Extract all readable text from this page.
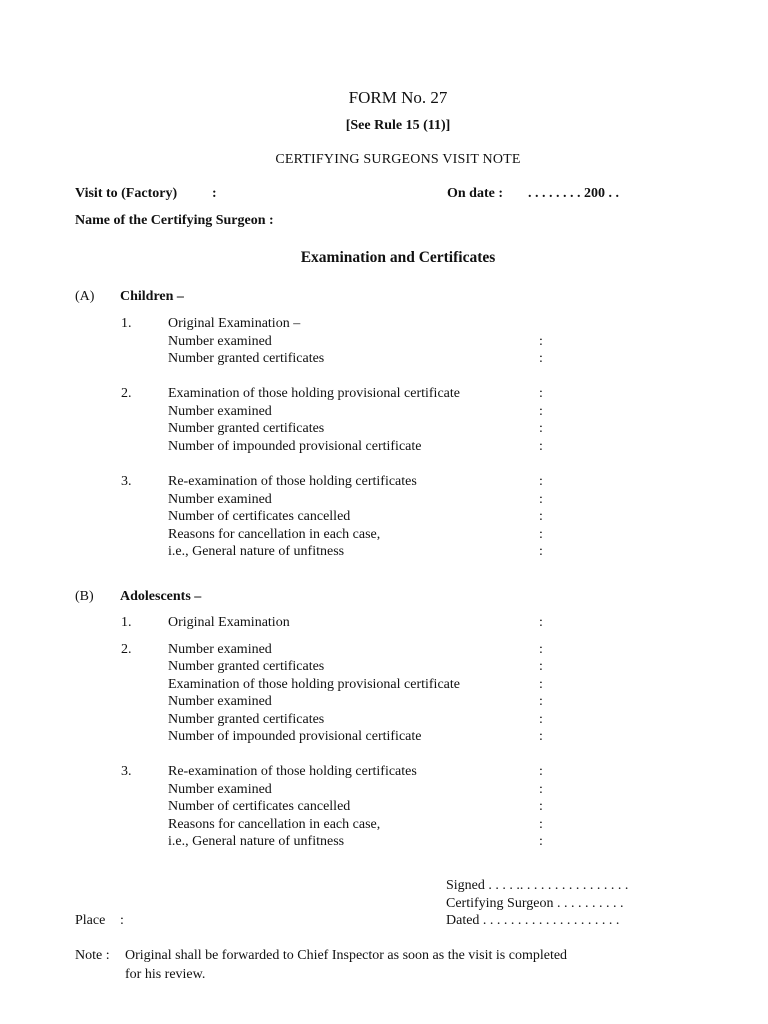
FORM No. 27
[See Rule 15 (11)]
CERTIFYING SURGEONS VISIT NOTE
Visit to (Factory) :	On date : . . . . . . . . 200 . .
Name of the Certifying Surgeon :
Examination and Certificates
(A) Children –
1.	Original Examination –
Number examined	:
Number granted certificates	:
2.	Examination of those holding provisional certificate	:
Number examined	:
Number granted certificates	:
Number of impounded provisional certificate	:
3.	Re-examination of those holding certificates	:
Number examined	:
Number of certificates cancelled	:
Reasons for cancellation in each case,	:
i.e., General nature of unfitness	:
(B) Adolescents –
1.	Original Examination	:
2.	Number examined	:
Number granted certificates	:
Examination of those holding provisional certificate	:
Number examined	:
Number granted certificates	:
Number of impounded provisional certificate	:
3.	Re-examination of those holding certificates	:
Number examined	:
Number of certificates cancelled	:
Reasons for cancellation in each case,	:
i.e., General nature of unfitness	:
Signed . . . . .. . . . . . . . . . . . . . . .
Certifying Surgeon . . . . . . . . . .
Place :	Dated . . . . . . . . . . . . . . . . . . . .
Note : Original shall be forwarded to Chief Inspector as soon as the visit is completed
for his review.
